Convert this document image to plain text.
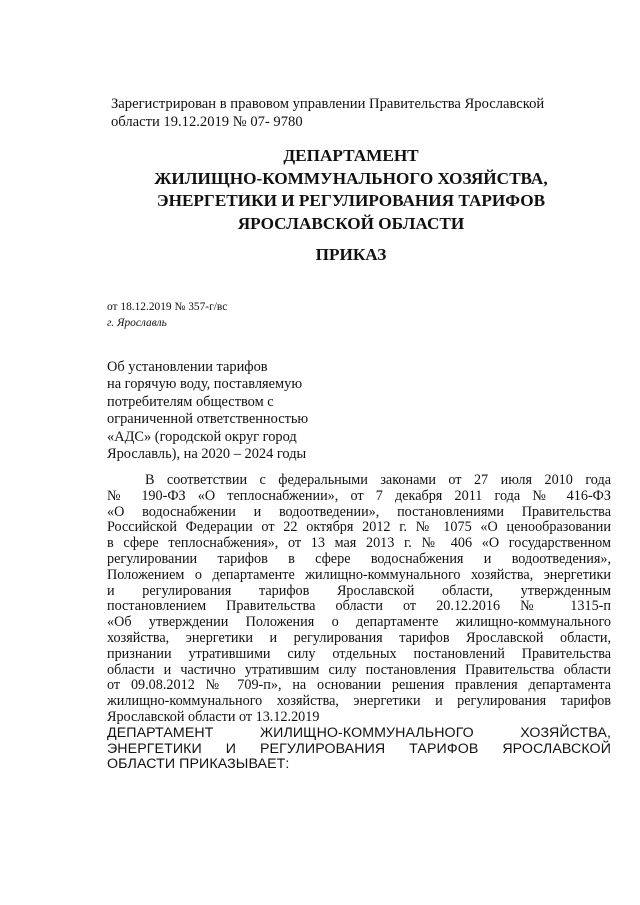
Зарегистрирован в правовом управлении Правительства Ярославской
области 19.12.2019 № 07- 9780
ДЕПАРТАМЕНТ
ЖИЛИЩНО-КОММУНАЛЬНОГО ХОЗЯЙСТВА,
ЭНЕРГЕТИКИ И РЕГУЛИРОВАНИЯ ТАРИФОВ
ЯРОСЛАВСКОЙ ОБЛАСТИ
ПРИКАЗ
от 18.12.2019 № 357-г/вс
г. Ярославль
Об установлении тарифов
на горячую воду, поставляемую
потребителям обществом с
ограниченной ответственностью
«АДС» (городской округ город
Ярославль), на 2020 – 2024 годы
В соответствии с федеральными законами от 27 июля 2010 года
№ 190-ФЗ «О теплоснабжении», от 7 декабря 2011 года № 416-ФЗ
«О водоснабжении и водоотведении», постановлениями Правительства
Российской Федерации от 22 октября 2012 г. № 1075 «О ценообразовании
в сфере теплоснабжения», от 13 мая 2013 г. № 406 «О государственном
регулировании тарифов в сфере водоснабжения и водоотведения»,
Положением о департаменте жилищно-коммунального хозяйства, энергетики
и регулирования тарифов Ярославской области, утвержденным
постановлением Правительства области от 20.12.2016 № 1315-п
«Об утверждении Положения о департаменте жилищно-коммунального
хозяйства, энергетики и регулирования тарифов Ярославской области,
признании утратившими силу отдельных постановлений Правительства
области и частично утратившим силу постановления Правительства области
от 09.08.2012 № 709-п», на основании решения правления департамента
жилищно-коммунального хозяйства, энергетики и регулирования тарифов
Ярославской области от 13.12.2019
ДЕПАРТАМЕНТ ЖИЛИЩНО-КОММУНАЛЬНОГО ХОЗЯЙСТВА,
ЭНЕРГЕТИКИ И РЕГУЛИРОВАНИЯ ТАРИФОВ ЯРОСЛАВСКОЙ
ОБЛАСТИ ПРИКАЗЫВАЕТ:
